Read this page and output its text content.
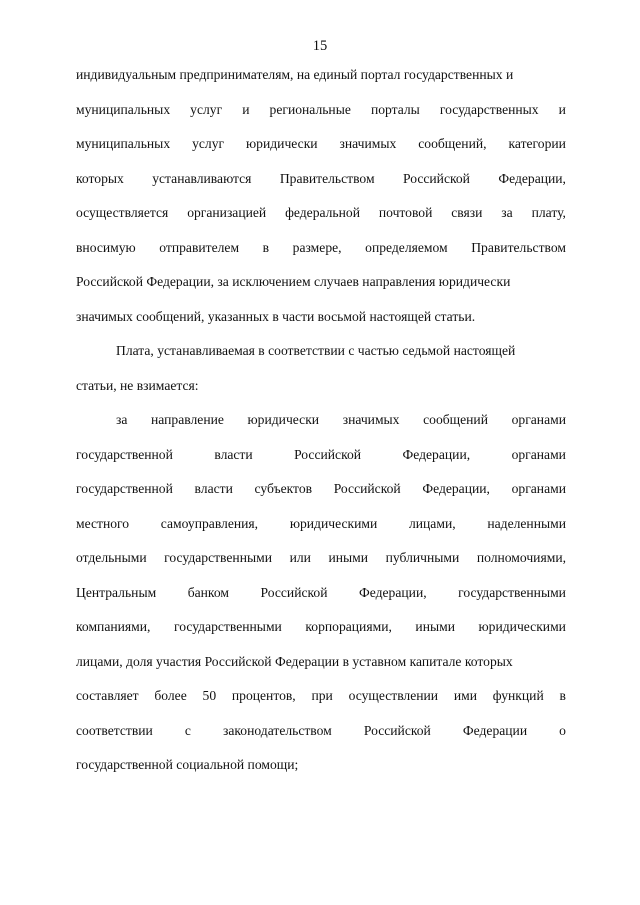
15
индивидуальным предпринимателям, на единый портал государственных и
муниципальных услуг и региональные порталы государственных и
муниципальных услуг юридически значимых сообщений, категории
которых устанавливаются Правительством Российской Федерации,
осуществляется организацией федеральной почтовой связи за плату,
вносимую отправителем в размере, определяемом Правительством
Российской Федерации, за исключением случаев направления юридически
значимых сообщений, указанных в части восьмой настоящей статьи.
Плата, устанавливаемая в соответствии с частью седьмой настоящей
статьи, не взимается:
за направление юридически значимых сообщений органами
государственной	власти	Российской	Федерации,	органами
государственной власти субъектов Российской Федерации, органами
местного самоуправления, юридическими лицами, наделенными
отдельными государственными или иными публичными полномочиями,
Центральным банком Российской Федерации, государственными
компаниями, государственными корпорациями, иными юридическими
лицами, доля участия Российской Федерации в уставном капитале которых
составляет более 50 процентов, при осуществлении ими функций в
соответствии с законодательством Российской Федерации о
государственной социальной помощи;
